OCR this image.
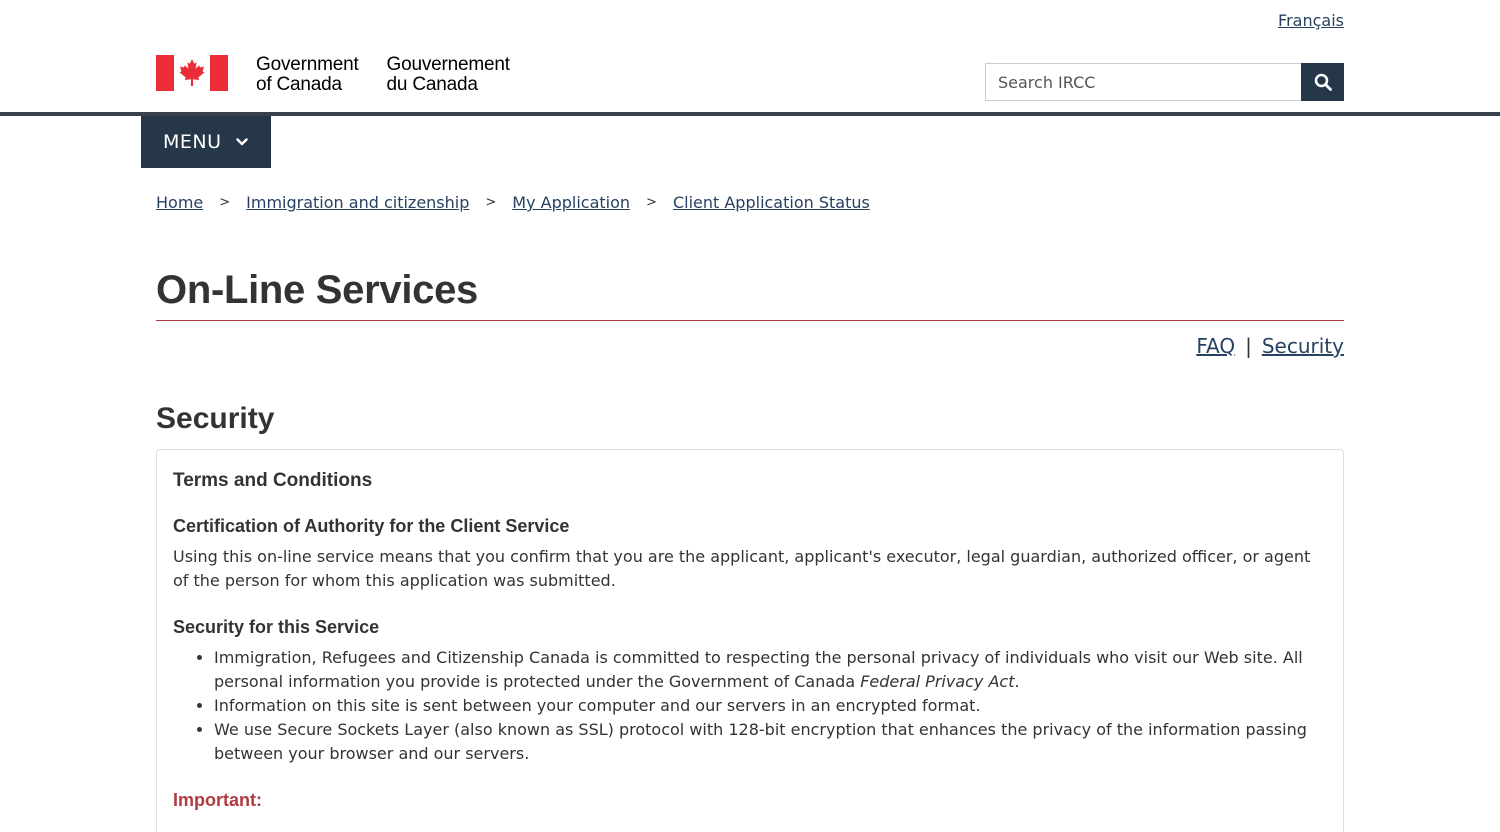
Français
Government
of Canada
Gouvernement
du Canada
Search IRCC
MENU
Home > Immigration and citizenship > My Application > Client Application Status
On-Line Services
FAQ | Security
Security
Terms and Conditions
Certification of Authority for the Client Service

Using this on-line service means that you confirm that you are the applicant, applicant's executor, legal guardian, authorized officer, or agent of the person for whom this application was submitted.

Security for this Service
• Immigration, Refugees and Citizenship Canada is committed to respecting the personal privacy of individuals who visit our Web site. All personal information you provide is protected under the Government of Canada Federal Privacy Act.
• Information on this site is sent between your computer and our servers in an encrypted format.
• We use Secure Sockets Layer (also known as SSL) protocol with 128-bit encryption that enhances the privacy of the information passing between your browser and our servers.
Important:
